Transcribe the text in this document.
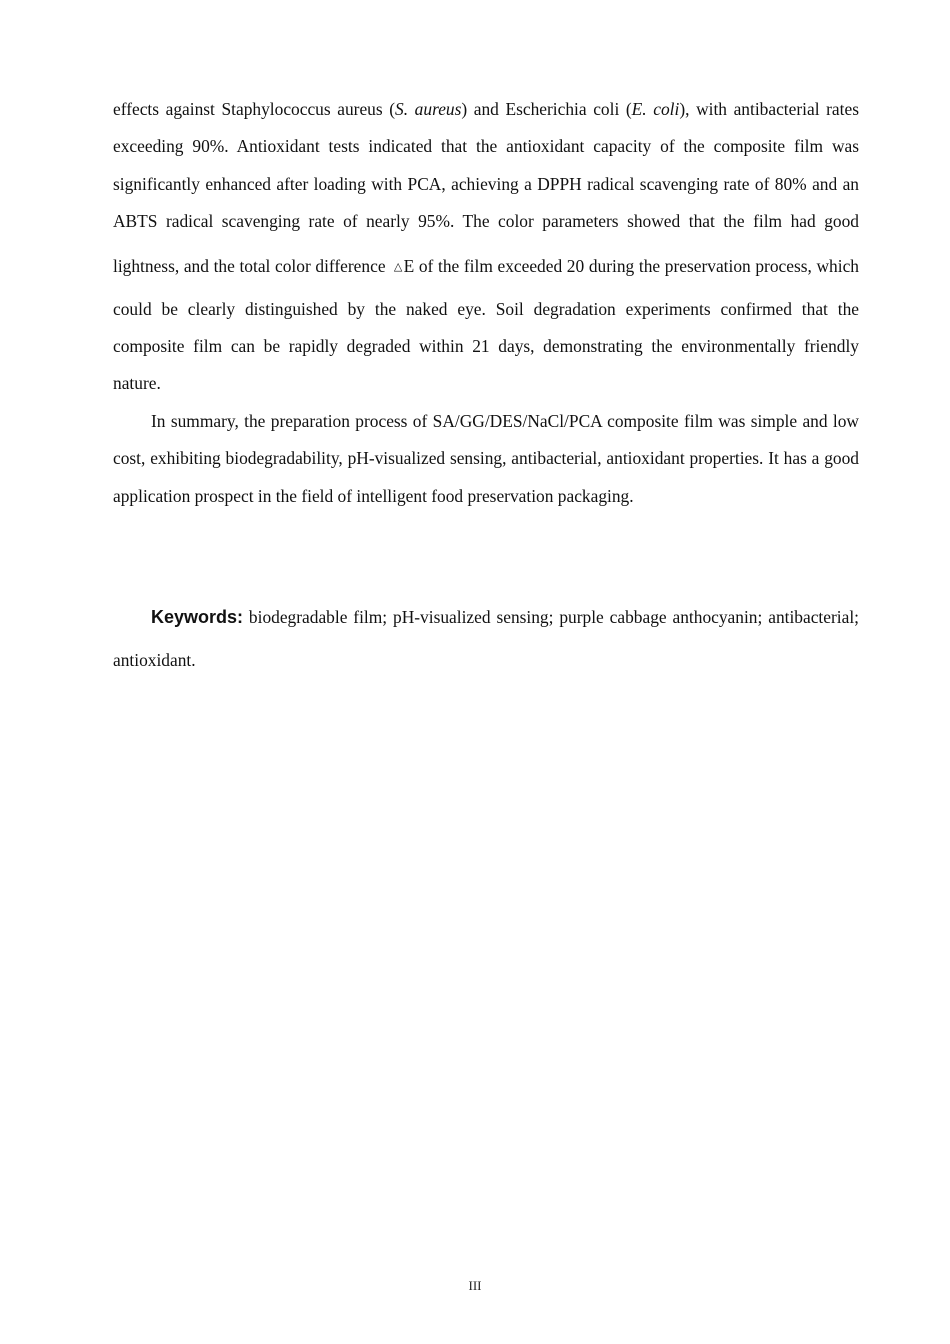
effects against Staphylococcus aureus (S. aureus) and Escherichia coli (E. coli), with antibacterial rates exceeding 90%. Antioxidant tests indicated that the antioxidant capacity of the composite film was significantly enhanced after loading with PCA, achieving a DPPH radical scavenging rate of 80% and an ABTS radical scavenging rate of nearly 95%. The color parameters showed that the film had good lightness, and the total color difference △E of the film exceeded 20 during the preservation process, which could be clearly distinguished by the naked eye. Soil degradation experiments confirmed that the composite film can be rapidly degraded within 21 days, demonstrating the environmentally friendly nature.

In summary, the preparation process of SA/GG/DES/NaCl/PCA composite film was simple and low cost, exhibiting biodegradability, pH-visualized sensing, antibacterial, antioxidant properties. It has a good application prospect in the field of intelligent food preservation packaging.

Keywords: biodegradable film; pH-visualized sensing; purple cabbage anthocyanin; antibacterial; antioxidant.

III
